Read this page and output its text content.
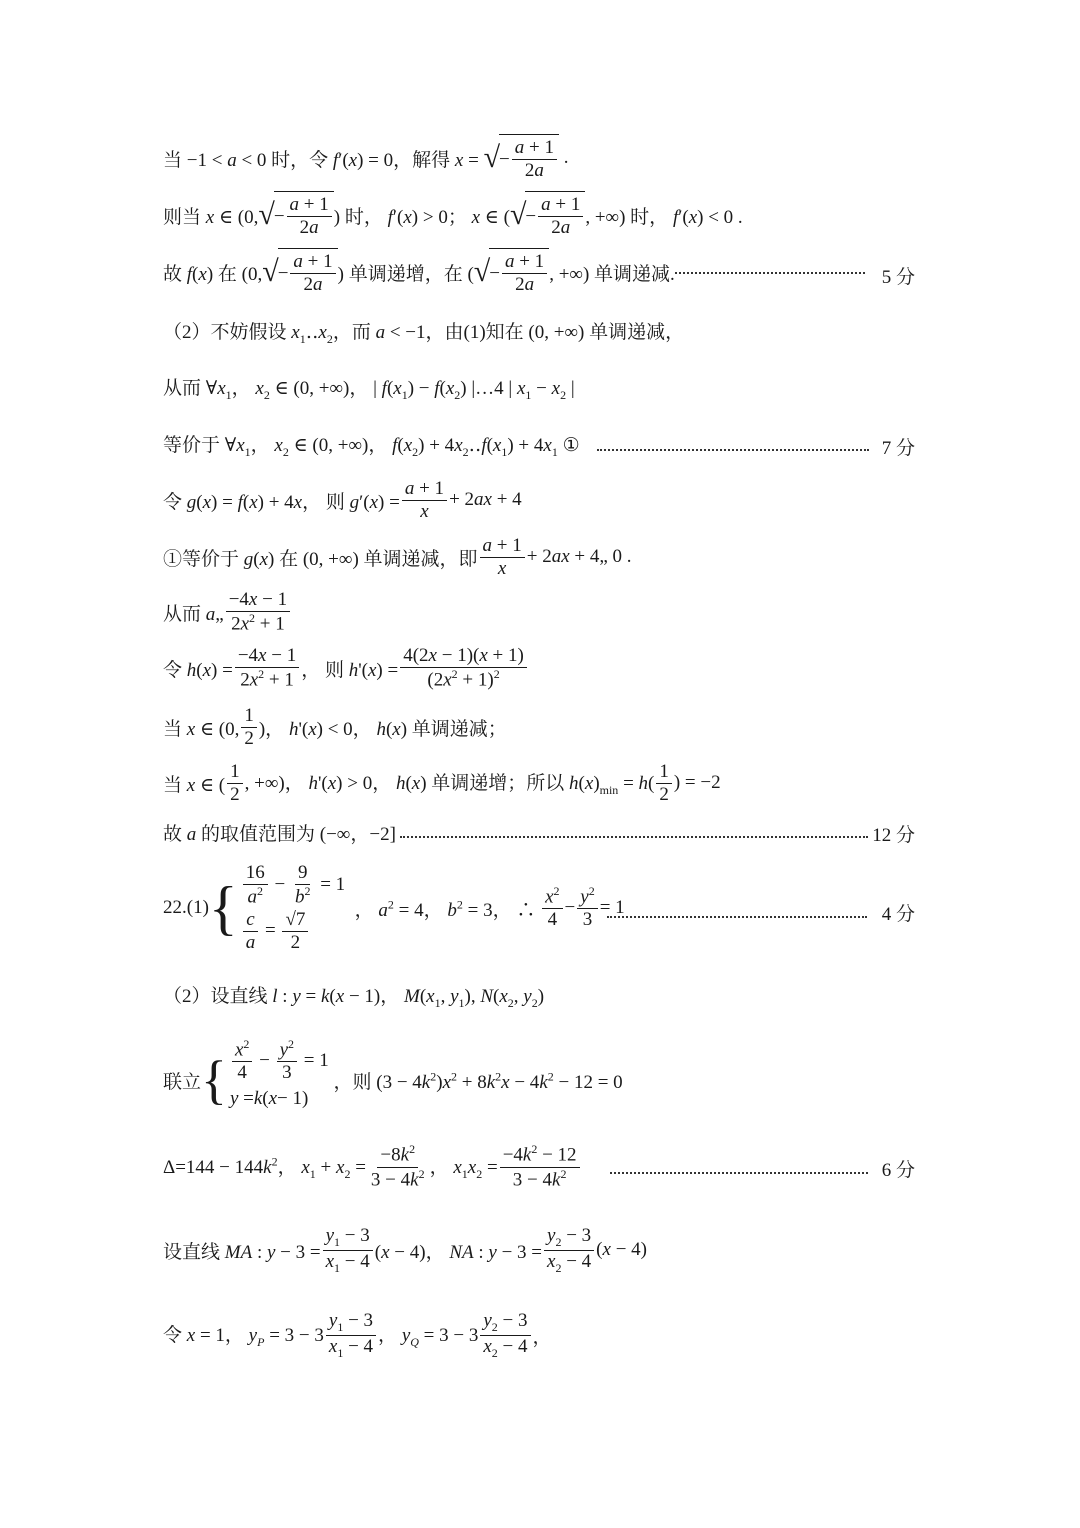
当 −1 < a < 0 时，令 f′(x) = 0，解得 x = √ − $\frac{a + 1}{2a}$ .
则当 x ∈ (0, √ − $\frac{a + 1}{2a}$ ) 时， f′(x) > 0； x ∈ ( √ − $\frac{a + 1}{2a}$ , +∞) 时， f′(x) < 0 .
故 f(x) 在 (0, √ − $\frac{a + 1}{2a}$ ) 单调递增，在 ( √ − $\frac{a + 1}{2a}$ , +∞) 单调递减.	5 分
（2）不妨假设 $x_1‥x_2$，而 a < −1，由(1)知在 (0, +∞) 单调递减，
从而 $\forall x_1$， $x_2$ ∈ (0, +∞)， | $f(x_1) - f(x_2)$ |…4 | $x_1 - x_2$ |
等价于 $\forall x_1$， $x_2$ ∈ (0, +∞)， $f(x_2)$ + $4x_2‥f(x_1) + 4x_1$ ①	7 分
令 g(x) = f(x) + 4x， 则 $g'(x) = \frac{a + 1}{x} + 2ax + 4$
①等价于 g(x) 在 (0, +∞) 单调递减，即 $\frac{a + 1}{x} + 2ax$ + 4„ 0 .
从而 a„ $\frac{-4x - 1}{2x^2 + 1}$
令 $h(x) = \frac{-4x - 1}{2x^2 + 1}$ ， 则 $h'(x) = \frac{4(2x - 1)(x + 1)}{(2x^2 + 1)^2}$
当 x ∈ (0, $\frac{1}{2}$ )， h'(x) < 0， h(x) 单调递减；
当 x ∈ ( $\frac{1}{2}$ , +∞)， h'(x) > 0， h(x) 单调递增；所以 $h(x)_{min} = h( \frac{1}{2}$ ) = −2
故 a 的取值范围为 (−∞，−2]	12 分
22.(1) { $\frac{16}{a^2} - \frac{9}{b^2} = 1$
$\frac{c}{a} = \frac{√7}{2}$ ， $a^2 = 4$， $b^2 = 3$， ∴ $\frac{x^2}{4} - \frac{y^2}{3} = 1$	4 分
（2）设直线 l : y = k(x − 1)， $M(x_1$, $y_1$), $N(x_2$, $y_2$)
联立 { $\frac{x^2}{4} - \frac{y^2}{3} = 1$
y = k ( x − 1)
，则 $(3 - 4k^2)x^2 + 8k^2x - 4k^2 - 12 = 0$
$\Delta=144 - 144k^2$， $x_1 + x_2 = \frac{-8k^2}{3 - 4k^2}$ ， $x_1x_2 = \frac{-4k^2 - 12}{3 - 4k^2}$	6 分
设直线 MA : $y - 3 = \frac{y_1 - 3}{x_1 - 4} (x - 4)$， NA : $y - 3 = \frac{y_2 - 3}{x_2 - 4} (x - 4)$
令 x = 1， $y_P = 3 - 3 \frac{y_1 - 3}{x_1 - 4}$ ， $y_Q = 3 - 3 \frac{y_2 - 3}{x_2 - 4}$ ，
